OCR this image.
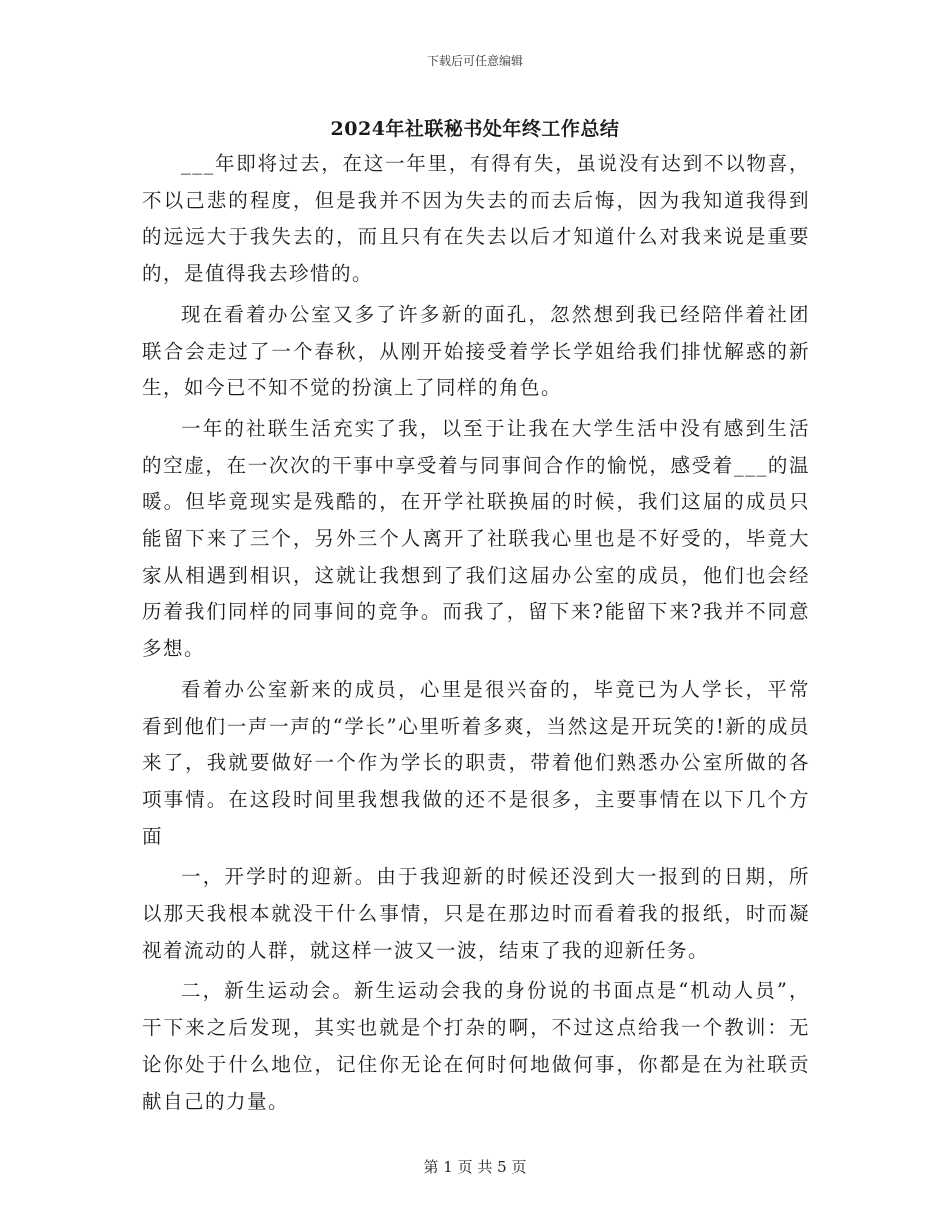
下载后可任意编辑
2024年社联秘书处年终工作总结

___年即将过去，在这一年里，有得有失，虽说没有达到不以物喜，不以己悲的程度，但是我并不因为失去的而去后悔，因为我知道我得到的远远大于我失去的，而且只有在失去以后才知道什么对我来说是重要的，是值得我去珍惜的。

现在看着办公室又多了许多新的面孔，忽然想到我已经陪伴着社团联合会走过了一个春秋，从刚开始接受着学长学姐给我们排忧解惑的新生，如今已不知不觉的扮演上了同样的角色。

一年的社联生活充实了我，以至于让我在大学生活中没有感到生活的空虚，在一次次的干事中享受着与同事间合作的愉悦，感受着___的温暖。但毕竟现实是残酷的，在开学社联换届的时候，我们这届的成员只能留下来了三个，另外三个人离开了社联我心里也是不好受的，毕竟大家从相遇到相识，这就让我想到了我们这届办公室的成员，他们也会经历着我们同样的同事间的竞争。而我了，留下来?能留下来?我并不同意多想。

看着办公室新来的成员，心里是很兴奋的，毕竟已为人学长，平常看到他们一声一声的“学长”心里听着多爽，当然这是开玩笑的!新的成员来了，我就要做好一个作为学长的职责，带着他们熟悉办公室所做的各项事情。在这段时间里我想我做的还不是很多，主要事情在以下几个方面

一，开学时的迎新。由于我迎新的时候还没到大一报到的日期，所以那天我根本就没干什么事情，只是在那边时而看着我的报纸，时而凝视着流动的人群，就这样一波又一波，结束了我的迎新任务。

二，新生运动会。新生运动会我的身份说的书面点是“机动人员”，干下来之后发现，其实也就是个打杂的啊，不过这点给我一个教训：无论你处于什么地位，记住你无论在何时何地做何事，你都是在为社联贡献自己的力量。

第 1 页 共 5 页
